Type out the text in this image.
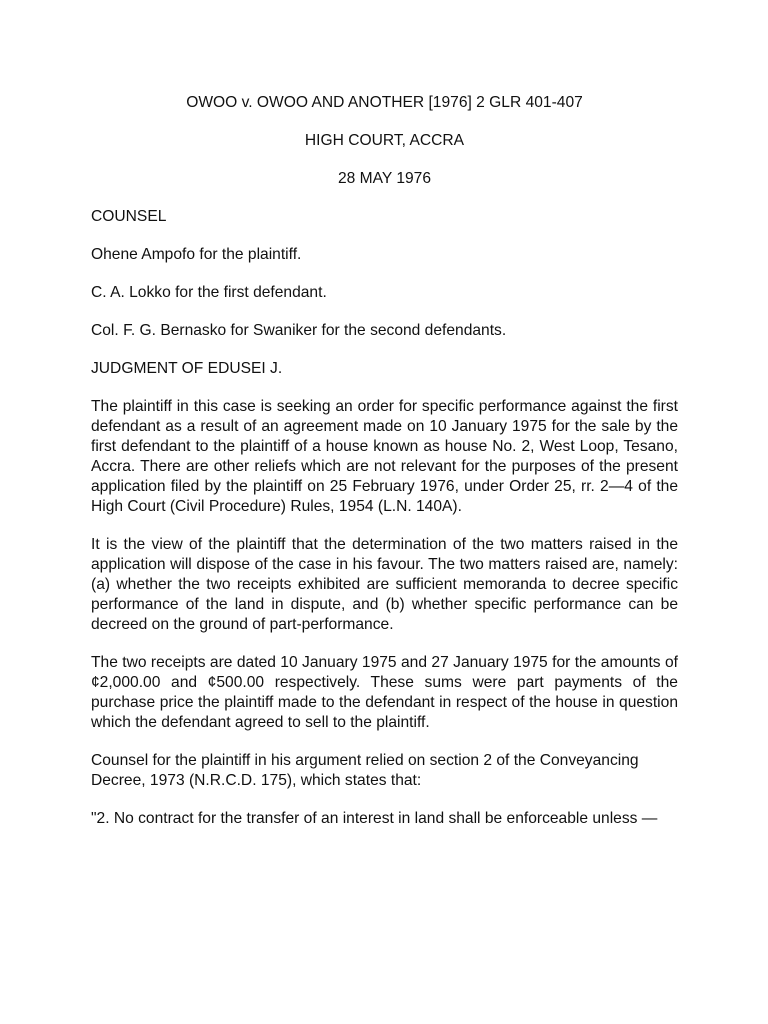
OWOO v. OWOO AND ANOTHER [1976] 2 GLR 401-407

HIGH COURT, ACCRA

28 MAY 1976

COUNSEL

Ohene Ampofo for the plaintiff.

C. A. Lokko for the first defendant.

Col. F. G. Bernasko for Swaniker for the second defendants.

JUDGMENT OF EDUSEI J.

The plaintiff in this case is seeking an order for specific performance against the first defendant as a result of an agreement made on 10 January 1975 for the sale by the first defendant to the plaintiff of a house known as house No. 2, West Loop, Tesano, Accra. There are other reliefs which are not relevant for the purposes of the present application filed by the plaintiff on 25 February 1976, under Order 25, rr. 2—4 of the High Court (Civil Procedure) Rules, 1954 (L.N. 140A).

It is the view of the plaintiff that the determination of the two matters raised in the application will dispose of the case in his favour. The two matters raised are, namely: (a) whether the two receipts exhibited are sufficient memoranda to decree specific performance of the land in dispute, and (b) whether specific performance can be decreed on the ground of part-performance.

The two receipts are dated 10 January 1975 and 27 January 1975 for the amounts of ¢2,000.00 and ¢500.00 respectively. These sums were part payments of the purchase price the plaintiff made to the defendant in respect of the house in question which the defendant agreed to sell to the plaintiff.

Counsel for the plaintiff in his argument relied on section 2 of the Conveyancing Decree, 1973 (N.R.C.D. 175), which states that:

"2. No contract for the transfer of an interest in land shall be enforceable unless —
